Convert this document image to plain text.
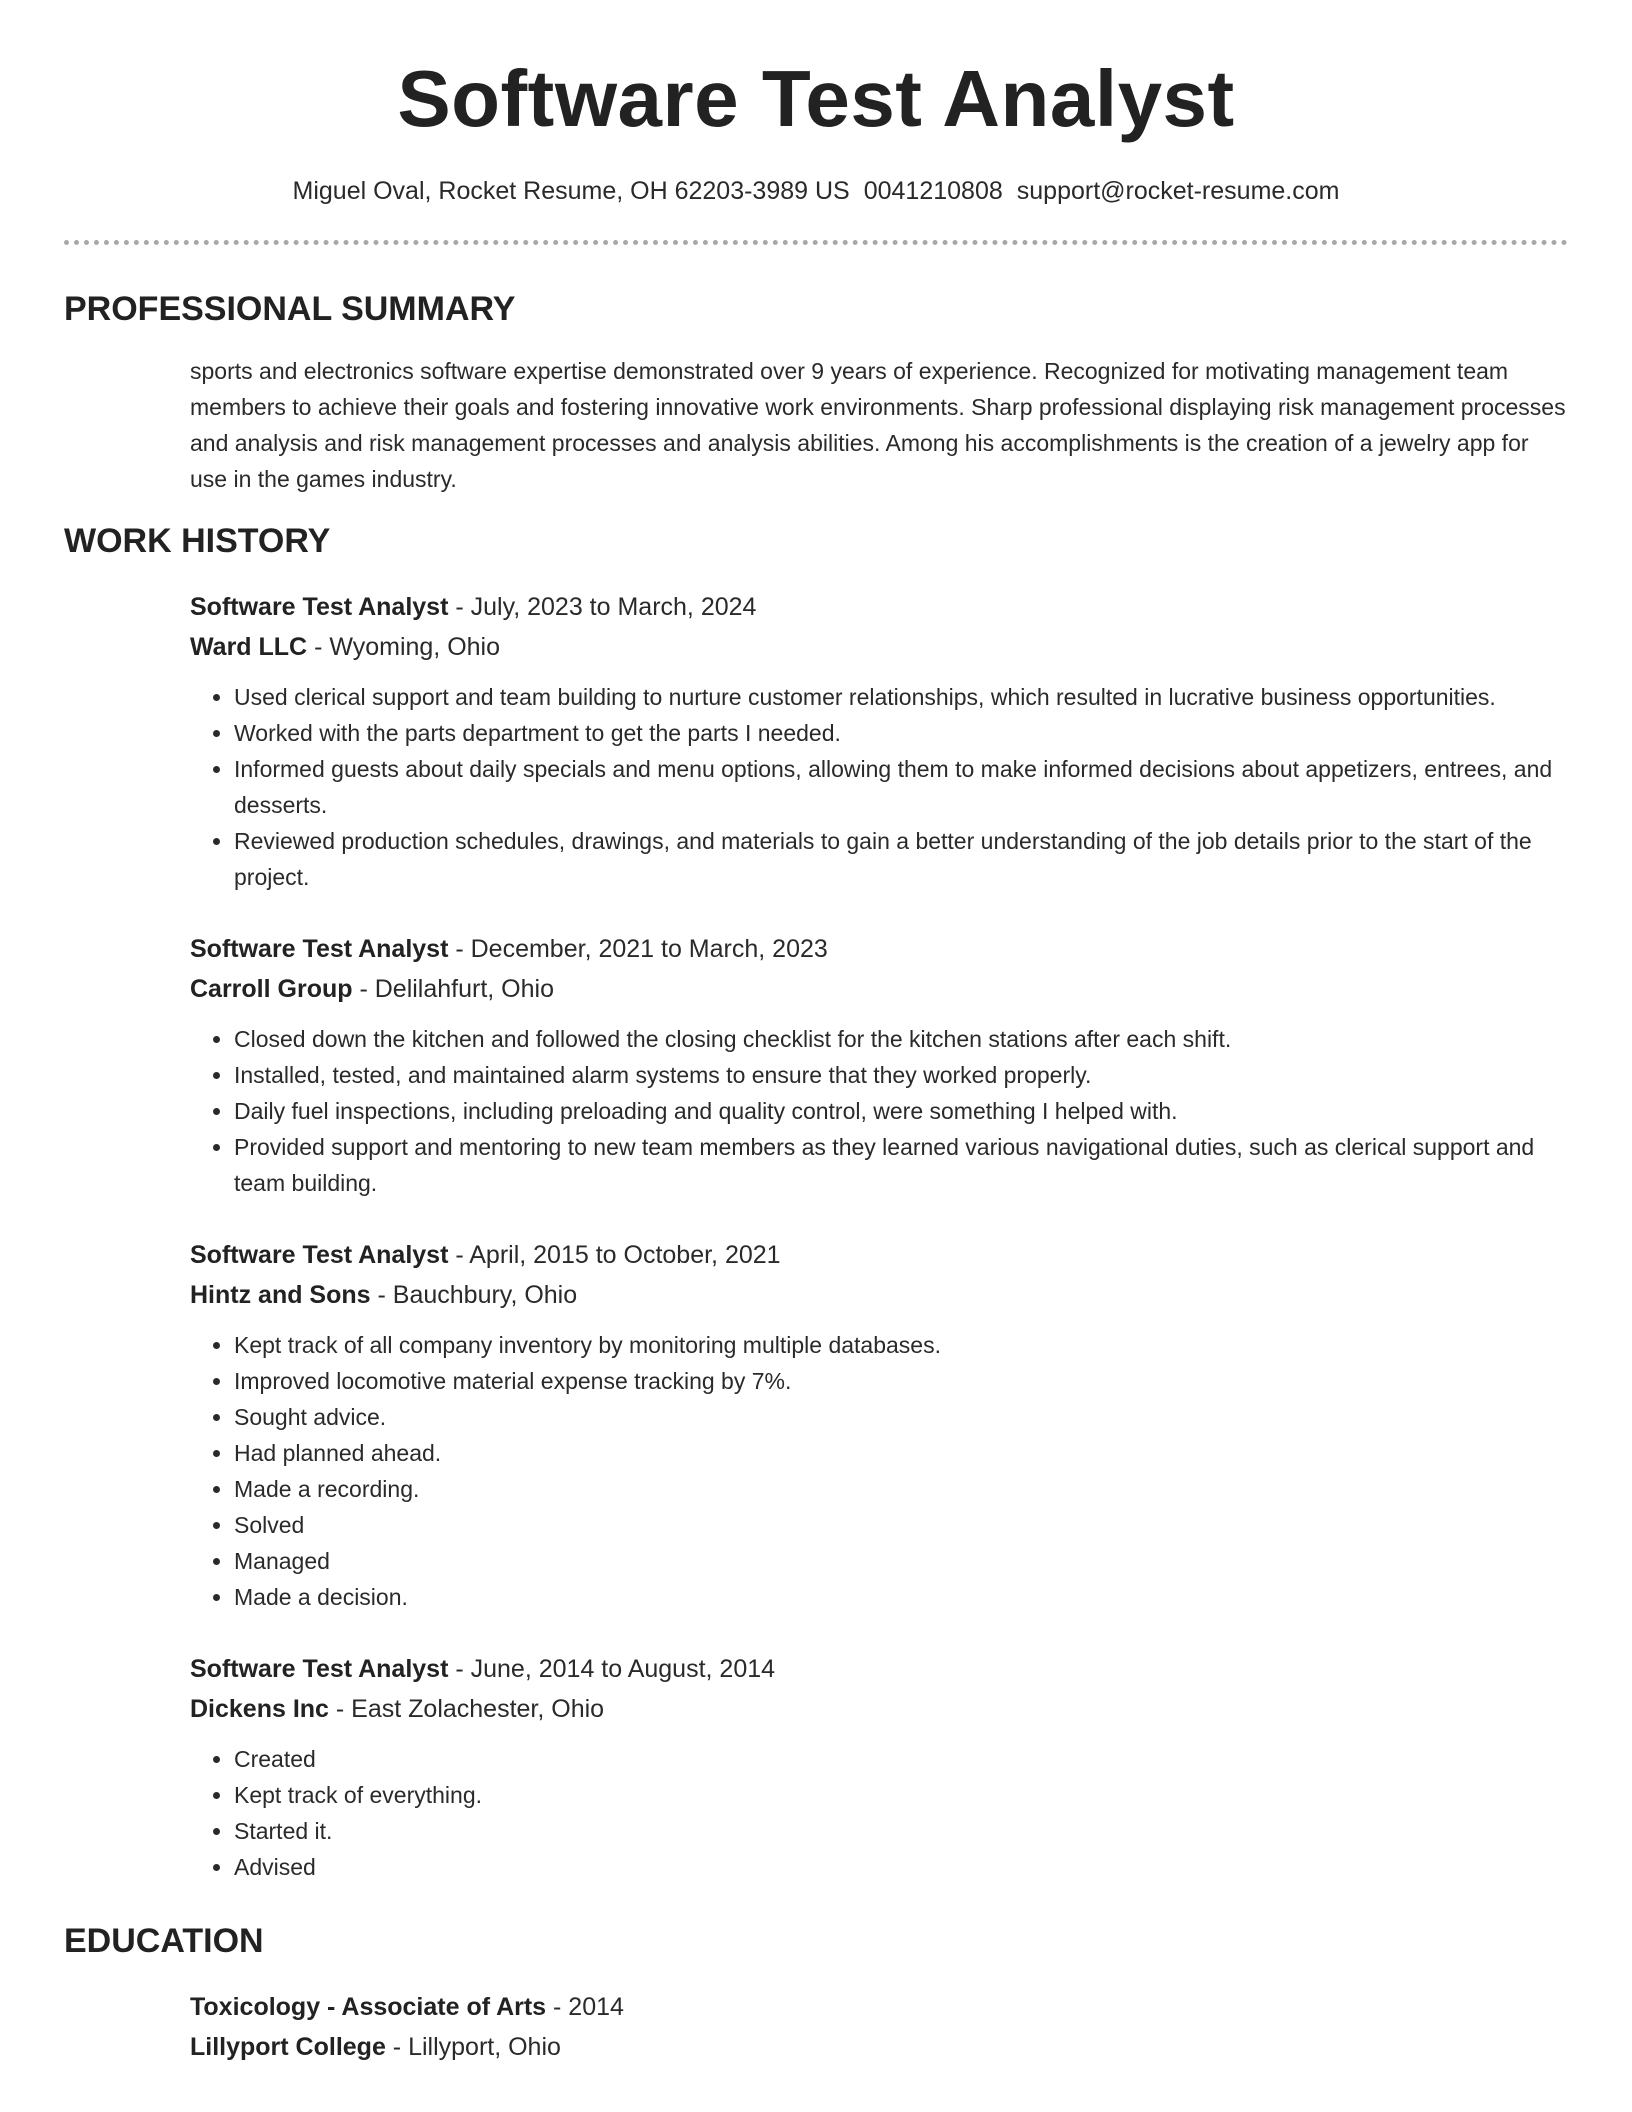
Software Test Analyst
Miguel Oval, Rocket Resume, OH 62203-3989 US 0041210808 support@rocket-resume.com
PROFESSIONAL SUMMARY
sports and electronics software expertise demonstrated over 9 years of experience. Recognized for motivating management team members to achieve their goals and fostering innovative work environments. Sharp professional displaying risk management processes and analysis and risk management processes and analysis abilities. Among his accomplishments is the creation of a jewelry app for use in the games industry.
WORK HISTORY
Software Test Analyst - July, 2023 to March, 2024
Ward LLC - Wyoming, Ohio
• Used clerical support and team building to nurture customer relationships, which resulted in lucrative business opportunities.
• Worked with the parts department to get the parts I needed.
• Informed guests about daily specials and menu options, allowing them to make informed decisions about appetizers, entrees, and desserts.
• Reviewed production schedules, drawings, and materials to gain a better understanding of the job details prior to the start of the project.
Software Test Analyst - December, 2021 to March, 2023
Carroll Group - Delilahfurt, Ohio
• Closed down the kitchen and followed the closing checklist for the kitchen stations after each shift.
• Installed, tested, and maintained alarm systems to ensure that they worked properly.
• Daily fuel inspections, including preloading and quality control, were something I helped with.
• Provided support and mentoring to new team members as they learned various navigational duties, such as clerical support and team building.
Software Test Analyst - April, 2015 to October, 2021
Hintz and Sons - Bauchbury, Ohio
• Kept track of all company inventory by monitoring multiple databases.
• Improved locomotive material expense tracking by 7%.
• Sought advice.
• Had planned ahead.
• Made a recording.
• Solved
• Managed
• Made a decision.
Software Test Analyst - June, 2014 to August, 2014
Dickens Inc - East Zolachester, Ohio
• Created
• Kept track of everything.
• Started it.
• Advised
EDUCATION
Toxicology - Associate of Arts - 2014
Lillyport College - Lillyport, Ohio
